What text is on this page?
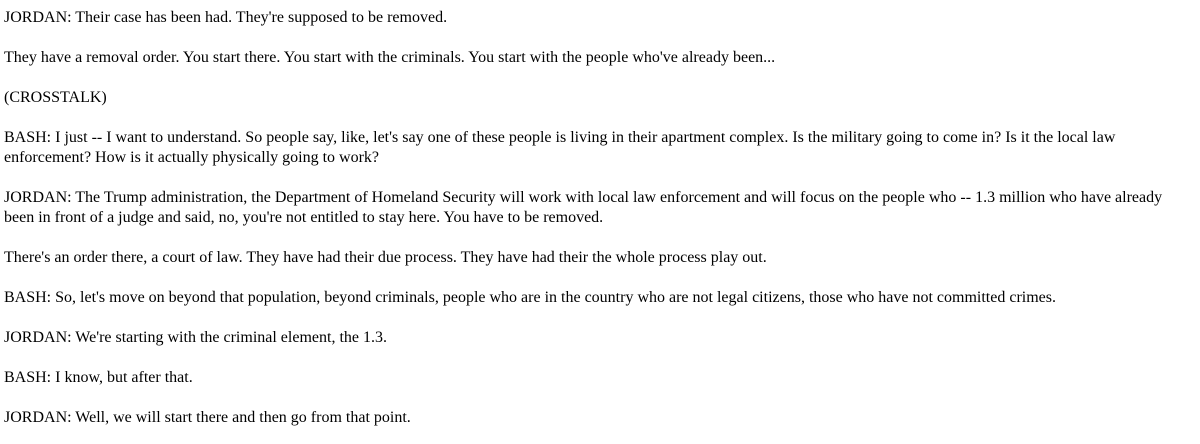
JORDAN: Their case has been had. They're supposed to be removed.

They have a removal order. You start there. You start with the criminals. You start with the people who've already been...

(CROSSTALK)

BASH: I just -- I want to understand. So people say, like, let's say one of these people is living in their apartment complex. Is the military going to come in? Is it the local law enforcement? How is it actually physically going to work?

JORDAN: The Trump administration, the Department of Homeland Security will work with local law enforcement and will focus on the people who -- 1.3 million who have already been in front of a judge and said, no, you're not entitled to stay here. You have to be removed.

There's an order there, a court of law. They have had their due process. They have had their the whole process play out.

BASH: So, let's move on beyond that population, beyond criminals, people who are in the country who are not legal citizens, those who have not committed crimes.

JORDAN: We're starting with the criminal element, the 1.3.

BASH: I know, but after that.

JORDAN: Well, we will start there and then go from that point.
